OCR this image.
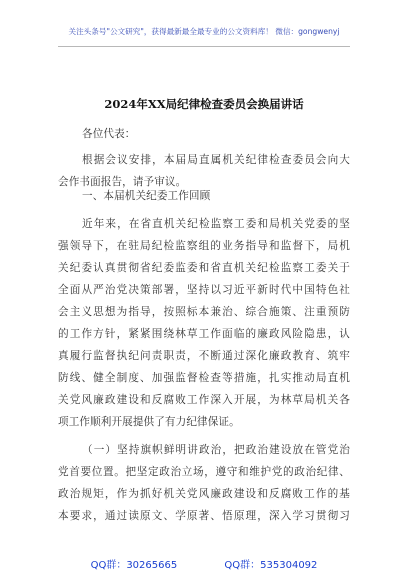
关注头条号"公文研究"，获得最新最全最专业的公文资料库！ 微信：gongwenyj
2024年XX局纪律检查委员会换届讲话
各位代表：
根据会议安排，本届局直属机关纪律检查委员会向大
会作书面报告，请予审议。
一、本届机关纪委工作回顾
近年来，在省直机关纪检监察工委和局机关党委的坚
强领导下，在驻局纪检监察组的业务指导和监督下，局机
关纪委认真贯彻省纪委监委和省直机关纪检监察工委关于
全面从严治党决策部署，坚持以习近平新时代中国特色社
会主义思想为指导，按照标本兼治、综合施策、注重预防
的工作方针，紧紧围绕林草工作面临的廉政风险隐患，认
真履行监督执纪问责职责，不断通过深化廉政教育、筑牢
防线、健全制度、加强监督检查等措施，扎实推动局直机
关党风廉政建设和反腐败工作深入开展，为林草局机关各
项工作顺利开展提供了有力纪律保证。
（一）坚持旗帜鲜明讲政治，把政治建设放在管党治
党首要位置。把坚定政治立场，遵守和维护党的政治纪律、
政治规矩，作为抓好机关党风廉政建设和反腐败工作的基
本要求，通过读原文、学原著、悟原理，深入学习贯彻习
QQ群：30265665	QQ群：535304092
